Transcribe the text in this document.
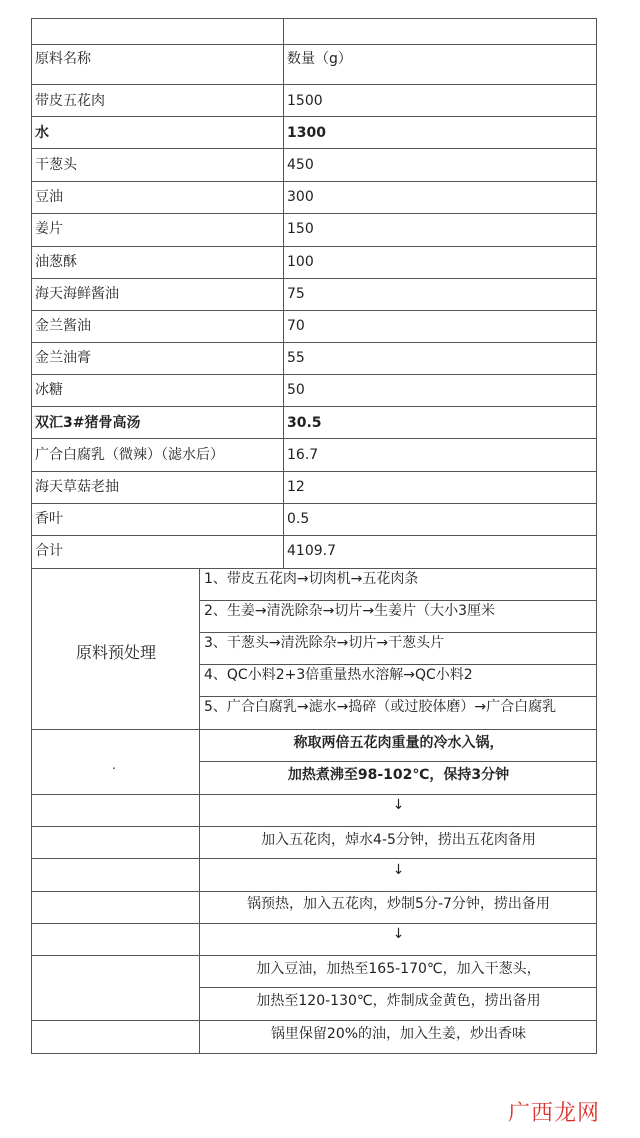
原料名称	数量（g）
带皮五花肉	1500
水	1300
干葱头	450
豆油	300
姜片	150
油葱酥	100
海天海鲜酱油	75
金兰酱油	70
金兰油膏	55
冰糖	50
双汇3#猪骨高汤	30.5
广合白腐乳（微辣）（滤水后）	16.7
海天草菇老抽	12
香叶	0.5
合计	4109.7
原料预处理
1、带皮五花肉→切肉机→五花肉条
2、生姜→清洗除杂→切片→生姜片（大小3厘米
3、干葱头→清洗除杂→切片→干葱头片
4、QC小料2+3倍重量热水溶解→QC小料2
5、广合白腐乳→滤水→捣碎（或过胶体磨）→广合白腐乳
.
称取两倍五花肉重量的冷水入锅，
加热煮沸至98-102℃，保持3分钟
↓
加入五花肉，焯水4-5分钟，捞出五花肉备用
↓
锅预热，加入五花肉，炒制5分-7分钟，捞出备用
↓
加入豆油，加热至165-170℃，加入干葱头，
加热至120-130℃，炸制成金黄色，捞出备用
锅里保留20%的油，加入生姜，炒出香味
广西龙网
